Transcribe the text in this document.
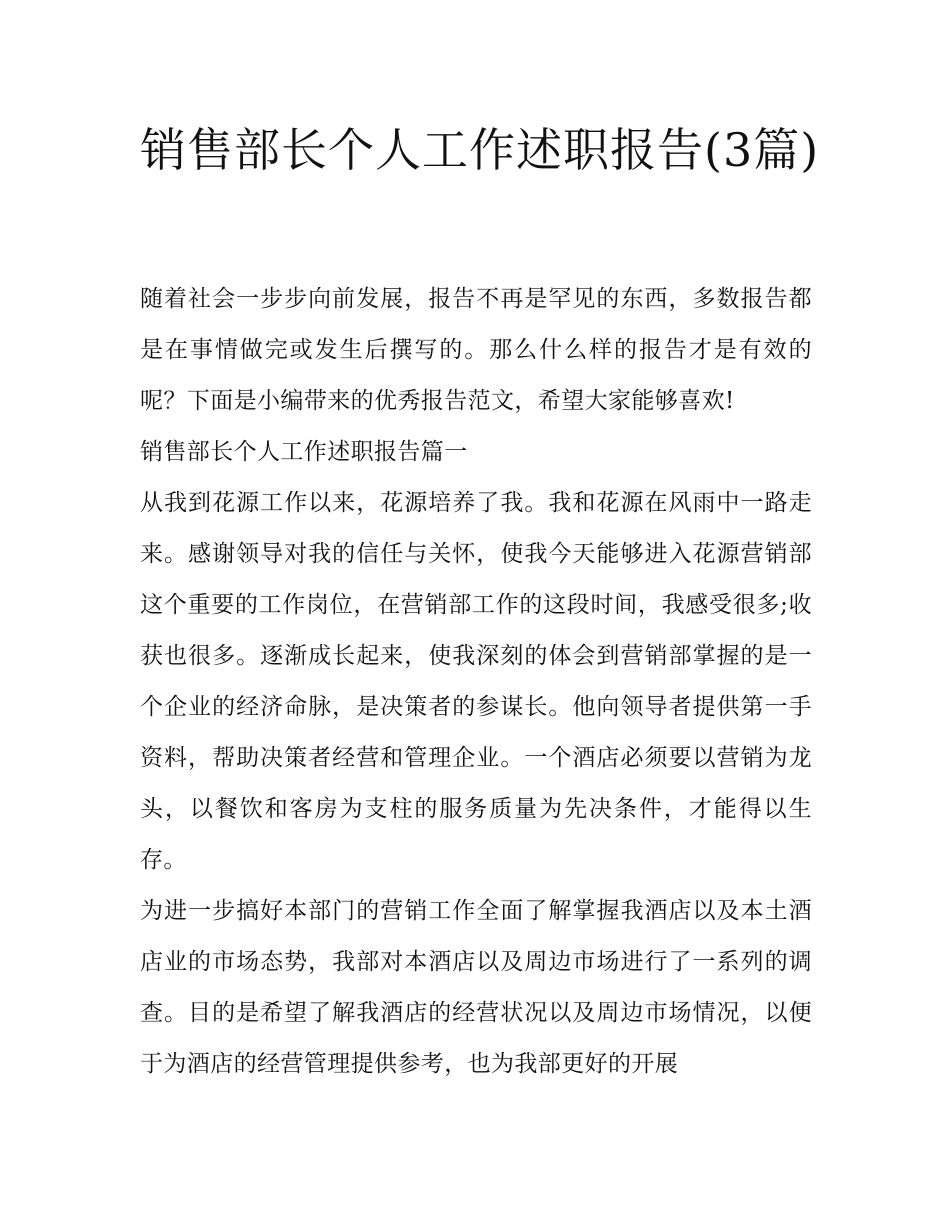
销售部长个人工作述职报告(3篇)

随着社会一步步向前发展，报告不再是罕见的东西，多数报告都是在事情做完或发生后撰写的。那么什么样的报告才是有效的呢？下面是小编带来的优秀报告范文，希望大家能够喜欢!

销售部长个人工作述职报告篇一

从我到花源工作以来，花源培养了我。我和花源在风雨中一路走来。感谢领导对我的信任与关怀，使我今天能够进入花源营销部这个重要的工作岗位，在营销部工作的这段时间，我感受很多;收获也很多。逐渐成长起来，使我深刻的体会到营销部掌握的是一个企业的经济命脉，是决策者的参谋长。他向领导者提供第一手资料，帮助决策者经营和管理企业。一个酒店必须要以营销为龙头，以餐饮和客房为支柱的服务质量为先决条件，才能得以生存。

为进一步搞好本部门的营销工作全面了解掌握我酒店以及本土酒店业的市场态势，我部对本酒店以及周边市场进行了一系列的调查。目的是希望了解我酒店的经营状况以及周边市场情况，以便于为酒店的经营管理提供参考，也为我部更好的开展
